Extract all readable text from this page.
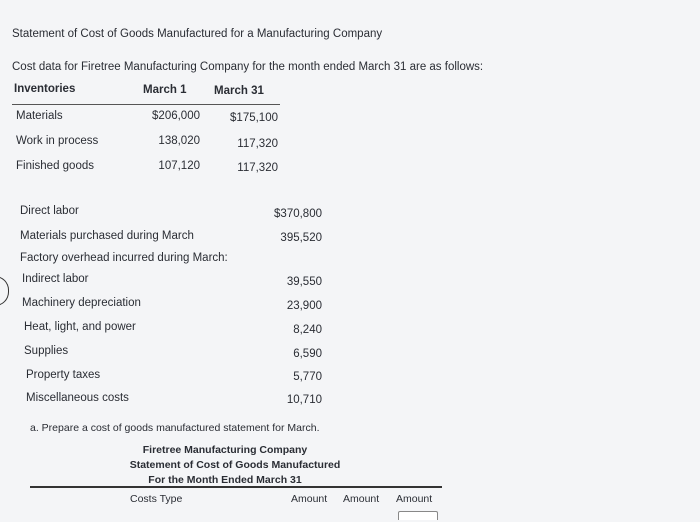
Statement of Cost of Goods Manufactured for a Manufacturing Company
Cost data for Firetree Manufacturing Company for the month ended March 31 are as follows:
Inventories	March 1 March 31
Materials	$206,000	$175,100
Work in process	138,020	117,320
Finished goods	107,120	117,320
Direct labor	$370,800
Materials purchased during March	395,520
Factory overhead incurred during March:
Indirect labor	39,550
Machinery depreciation	23,900
Heat, light, and power	8,240
Supplies	6,590
Property taxes	5,770
Miscellaneous costs	10,710
a. Prepare a cost of goods manufactured statement for March.
Firetree Manufacturing Company
Statement of Cost of Goods Manufactured
For the Month Ended March 31
Costs Type	Amount Amount Amount
